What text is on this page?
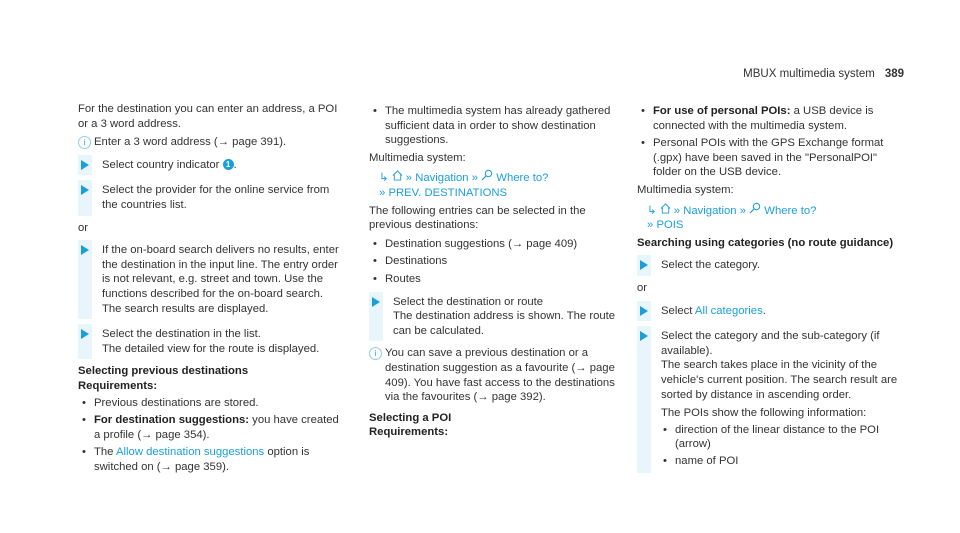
MBUX multimedia system 389
For the destination you can enter an address, a POI or a 3 word address.
i Enter a 3 word address (→ page 391).
Select country indicator 1 .
Select the provider for the online service from the countries list.
or
If the on-board search delivers no results, enter the destination in the input line. The entry order is not relevant, e.g. street and town. Use the functions described for the on-board search.
The search results are displayed.
Select the destination in the list.
The detailed view for the route is displayed.
Selecting previous destinations
Requirements:
• Previous destinations are stored.
• For destination suggestions: you have created a profile (→ page 354).
• The Allow destination suggestions option is switched on (→ page 359).
• The multimedia system has already gathered sufficient data in order to show destination suggestions.
Multimedia system:
↳ » Navigation » Where to?
» PREV. DESTINATIONS
The following entries can be selected in the previous destinations:
• Destination suggestions (→ page 409)
• Destinations
• Routes
Select the destination or route
The destination address is shown. The route can be calculated.
i You can save a previous destination or a destination suggestion as a favourite (→ page 409). You have fast access to the destinations via the favourites (→ page 392).
Selecting a POI
Requirements:
• For use of personal POIs: a USB device is connected with the multimedia system.
• Personal POIs with the GPS Exchange format (.gpx) have been saved in the "PersonalPOI" folder on the USB device.
Multimedia system:
↳ » Navigation » Where to?
» POIS
Searching using categories (no route guidance)
Select the category.
or
Select All categories.
Select the category and the sub-category (if available).
The search takes place in the vicinity of the vehicle's current position. The search result are sorted by distance in ascending order.
The POIs show the following information:
• direction of the linear distance to the POI (arrow)
• name of POI
